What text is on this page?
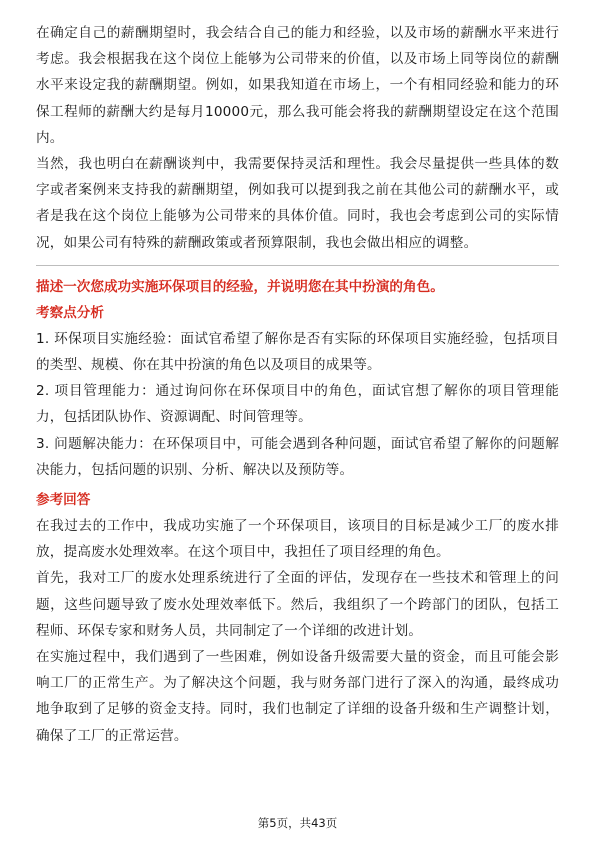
在确定自己的薪酬期望时，我会结合自己的能力和经验，以及市场的薪酬水平来进行考虑。我会根据我在这个岗位上能够为公司带来的价值，以及市场上同等岗位的薪酬水平来设定我的薪酬期望。例如，如果我知道在市场上，一个有相同经验和能力的环保工程师的薪酬大约是每月10000元，那么我可能会将我的薪酬期望设定在这个范围内。

当然，我也明白在薪酬谈判中，我需要保持灵活和理性。我会尽量提供一些具体的数字或者案例来支持我的薪酬期望，例如我可以提到我之前在其他公司的薪酬水平，或者是我在这个岗位上能够为公司带来的具体价值。同时，我也会考虑到公司的实际情况，如果公司有特殊的薪酬政策或者预算限制，我也会做出相应的调整。

描述一次您成功实施环保项目的经验，并说明您在其中扮演的角色。

考察点分析

1. 环保项目实施经验：面试官希望了解你是否有实际的环保项目实施经验，包括项目的类型、规模、你在其中扮演的角色以及项目的成果等。

2. 项目管理能力：通过询问你在环保项目中的角色，面试官想了解你的项目管理能力，包括团队协作、资源调配、时间管理等。

3. 问题解决能力：在环保项目中，可能会遇到各种问题，面试官希望了解你的问题解决能力，包括问题的识别、分析、解决以及预防等。

参考回答

在我过去的工作中，我成功实施了一个环保项目，该项目的目标是减少工厂的废水排放，提高废水处理效率。在这个项目中，我担任了项目经理的角色。

首先，我对工厂的废水处理系统进行了全面的评估，发现存在一些技术和管理上的问题，这些问题导致了废水处理效率低下。然后，我组织了一个跨部门的团队，包括工程师、环保专家和财务人员，共同制定了一个详细的改进计划。

在实施过程中，我们遇到了一些困难，例如设备升级需要大量的资金，而且可能会影响工厂的正常生产。为了解决这个问题，我与财务部门进行了深入的沟通，最终成功地争取到了足够的资金支持。同时，我们也制定了详细的设备升级和生产调整计划，确保了工厂的正常运营。

第5页，共43页
